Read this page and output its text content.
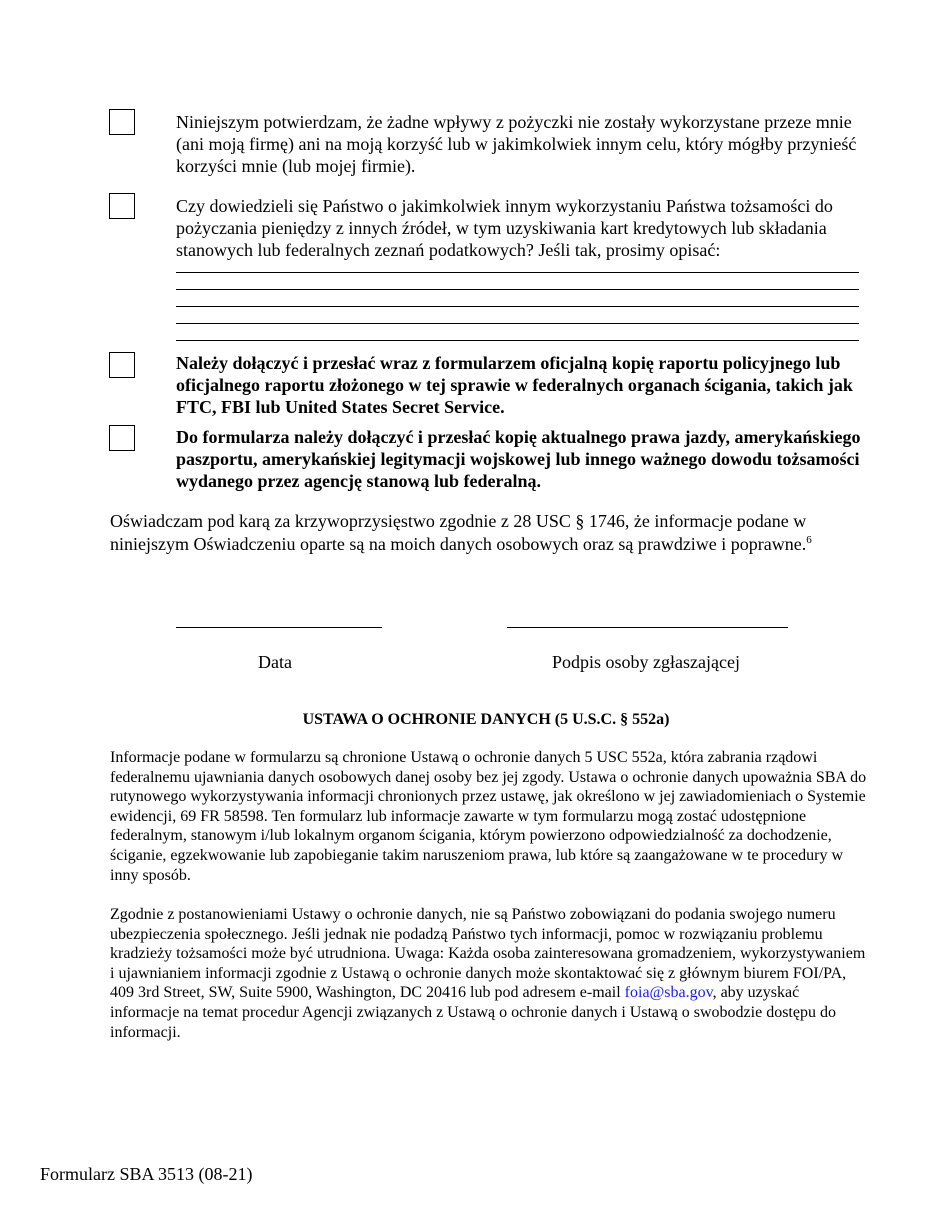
Niniejszym potwierdzam, że żadne wpływy z pożyczki nie zostały wykorzystane przeze mnie (ani moją firmę) ani na moją korzyść lub w jakimkolwiek innym celu, który mógłby przynieść korzyści mnie (lub mojej firmie).
Czy dowiedzieli się Państwo o jakimkolwiek innym wykorzystaniu Państwa tożsamości do pożyczania pieniędzy z innych źródeł, w tym uzyskiwania kart kredytowych lub składania stanowych lub federalnych zeznań podatkowych? Jeśli tak, prosimy opisać:
Należy dołączyć i przesłać wraz z formularzem oficjalną kopię raportu policyjnego lub oficjalnego raportu złożonego w tej sprawie w federalnych organach ścigania, takich jak FTC, FBI lub United States Secret Service.
Do formularza należy dołączyć i przesłać kopię aktualnego prawa jazdy, amerykańskiego paszportu, amerykańskiej legitymacji wojskowej lub innego ważnego dowodu tożsamości wydanego przez agencję stanową lub federalną.
Oświadczam pod karą za krzywoprzysięstwo zgodnie z 28 USC § 1746, że informacje podane w niniejszym Oświadczeniu oparte są na moich danych osobowych oraz są prawdziwe i poprawne.$^6$
Data	Podpis osoby zgłaszającej
USTAWA O OCHRONIE DANYCH (5 U.S.C. § 552a)
Informacje podane w formularzu są chronione Ustawą o ochronie danych 5 USC 552a, która zabrania rządowi federalnemu ujawniania danych osobowych danej osoby bez jej zgody. Ustawa o ochronie danych upoważnia SBA do rutynowego wykorzystywania informacji chronionych przez ustawę, jak określono w jej zawiadomieniach o Systemie ewidencji, 69 FR 58598. Ten formularz lub informacje zawarte w tym formularzu mogą zostać udostępnione federalnym, stanowym i/lub lokalnym organom ścigania, którym powierzono odpowiedzialność za dochodzenie, ściganie, egzekwowanie lub zapobieganie takim naruszeniom prawa, lub które są zaangażowane w te procedury w inny sposób.
Zgodnie z postanowieniami Ustawy o ochronie danych, nie są Państwo zobowiązani do podania swojego numeru ubezpieczenia społecznego. Jeśli jednak nie podadzą Państwo tych informacji, pomoc w rozwiązaniu problemu kradzieży tożsamości może być utrudniona. Uwaga: Każda osoba zainteresowana gromadzeniem, wykorzystywaniem i ujawnianiem informacji zgodnie z Ustawą o ochronie danych może skontaktować się z głównym biurem FOI/PA, 409 3rd Street, SW, Suite 5900, Washington, DC 20416 lub pod adresem e-mail foia@sba.gov, aby uzyskać informacje na temat procedur Agencji związanych z Ustawą o ochronie danych i Ustawą o swobodzie dostępu do informacji.
Formularz SBA 3513 (08-21)
